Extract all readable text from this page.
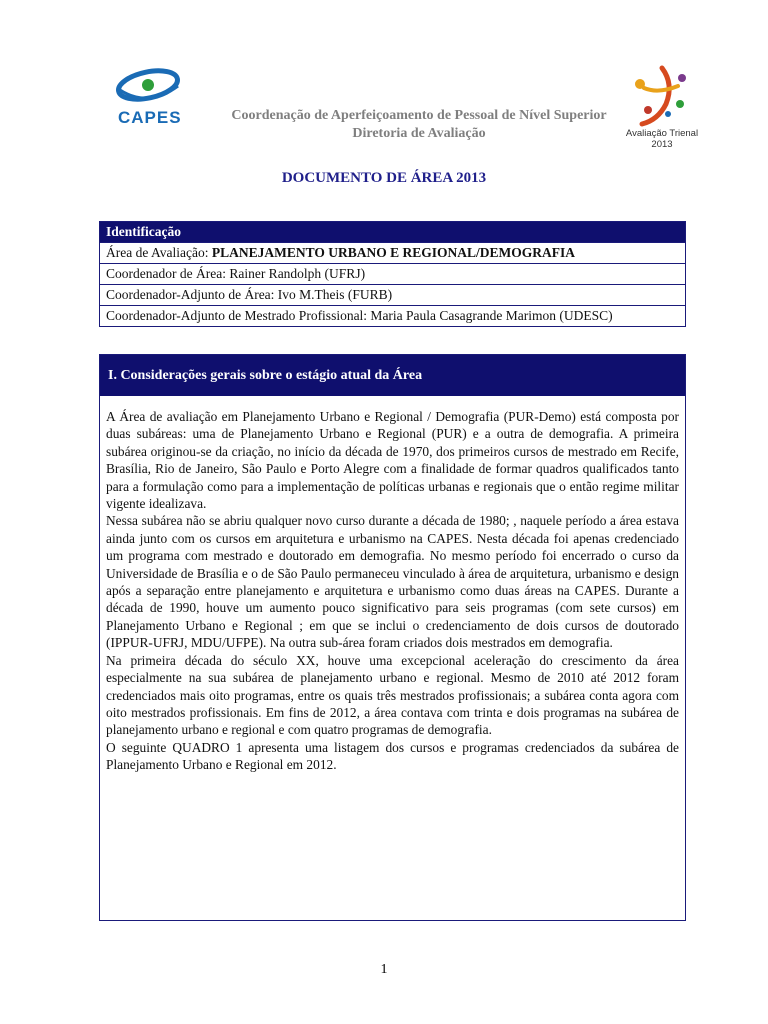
CAPES	Coordenação de Aperfeiçoamento de Pessoal de Nível Superior
Diretoria de Avaliação	Avaliação Trienal
2013
DOCUMENTO DE ÁREA 2013
Identificação
Área de Avaliação: PLANEJAMENTO URBANO E REGIONAL/DEMOGRAFIA
Coordenador de Área: Rainer Randolph (UFRJ)
Coordenador-Adjunto de Área: Ivo M.Theis (FURB)
Coordenador-Adjunto de Mestrado Profissional: Maria Paula Casagrande Marimon (UDESC)
I. Considerações gerais sobre o estágio atual da Área

A Área de avaliação em Planejamento Urbano e Regional / Demografia (PUR-Demo) está composta por duas subáreas: uma de Planejamento Urbano e Regional (PUR) e a outra de demografia. A primeira subárea originou-se da criação, no início da década de 1970, dos primeiros cursos de mestrado em Recife, Brasília, Rio de Janeiro, São Paulo e Porto Alegre com a finalidade de formar quadros qualificados tanto para a formulação como para a implementação de políticas urbanas e regionais que o então regime militar vigente idealizava.

Nessa subárea não se abriu qualquer novo curso durante a década de 1980; , naquele período a área estava ainda junto com os cursos em arquitetura e urbanismo na CAPES. Nesta década foi apenas credenciado um programa com mestrado e doutorado em demografia. No mesmo período foi encerrado o curso da Universidade de Brasília e o de São Paulo permaneceu vinculado à área de arquitetura, urbanismo e design após a separação entre planejamento e arquitetura e urbanismo como duas áreas na CAPES. Durante a década de 1990, houve um aumento pouco significativo para seis programas (com sete cursos) em Planejamento Urbano e Regional ; em que se inclui o credenciamento de dois cursos de doutorado (IPPUR-UFRJ, MDU/UFPE). Na outra sub-área foram criados dois mestrados em demografia.

Na primeira década do século XX, houve uma excepcional aceleração do crescimento da área especialmente na sua subárea de planejamento urbano e regional. Mesmo de 2010 até 2012 foram credenciados mais oito programas, entre os quais três mestrados profissionais; a subárea conta agora com oito mestrados profissionais. Em fins de 2012, a área contava com trinta e dois programas na subárea de planejamento urbano e regional e com quatro programas de demografia.

O seguinte QUADRO 1 apresenta uma listagem dos cursos e programas credenciados da subárea de Planejamento Urbano e Regional em 2012.

1
